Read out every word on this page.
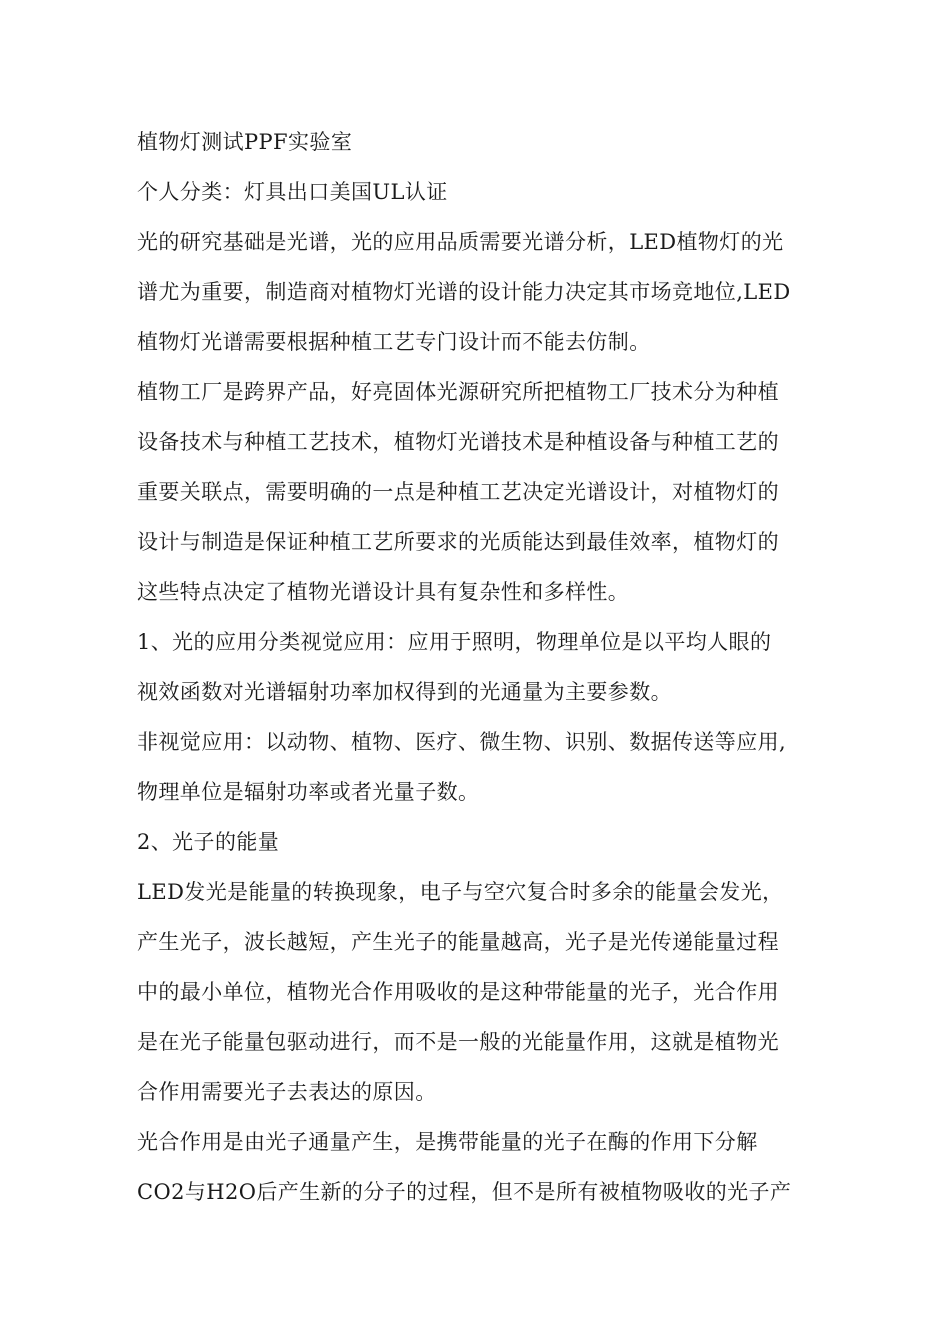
植物灯测试PPF实验室
个人分类：灯具出口美国UL认证
光的研究基础是光谱，光的应用品质需要光谱分析，LED植物灯的光
谱尤为重要，制造商对植物灯光谱的设计能力决定其市场竞地位,LED
植物灯光谱需要根据种植工艺专门设计而不能去仿制。
植物工厂是跨界产品，好亮固体光源研究所把植物工厂技术分为种植
设备技术与种植工艺技术，植物灯光谱技术是种植设备与种植工艺的
重要关联点，需要明确的一点是种植工艺决定光谱设计，对植物灯的
设计与制造是保证种植工艺所要求的光质能达到最佳效率，植物灯的
这些特点决定了植物光谱设计具有复杂性和多样性。
1、光的应用分类视觉应用：应用于照明，物理单位是以平均人眼的
视效函数对光谱辐射功率加权得到的光通量为主要参数。
非视觉应用：以动物、植物、医疗、微生物、识别、数据传送等应用,
物理单位是辐射功率或者光量子数。
2、光子的能量
LED发光是能量的转换现象，电子与空穴复合时多余的能量会发光，
产生光子，波长越短，产生光子的能量越高，光子是光传递能量过程
中的最小单位，植物光合作用吸收的是这种带能量的光子，光合作用
是在光子能量包驱动进行，而不是一般的光能量作用，这就是植物光
合作用需要光子去表达的原因。
光合作用是由光子通量产生，是携带能量的光子在酶的作用下分解
CO2与H2O后产生新的分子的过程，但不是所有被植物吸收的光子产
